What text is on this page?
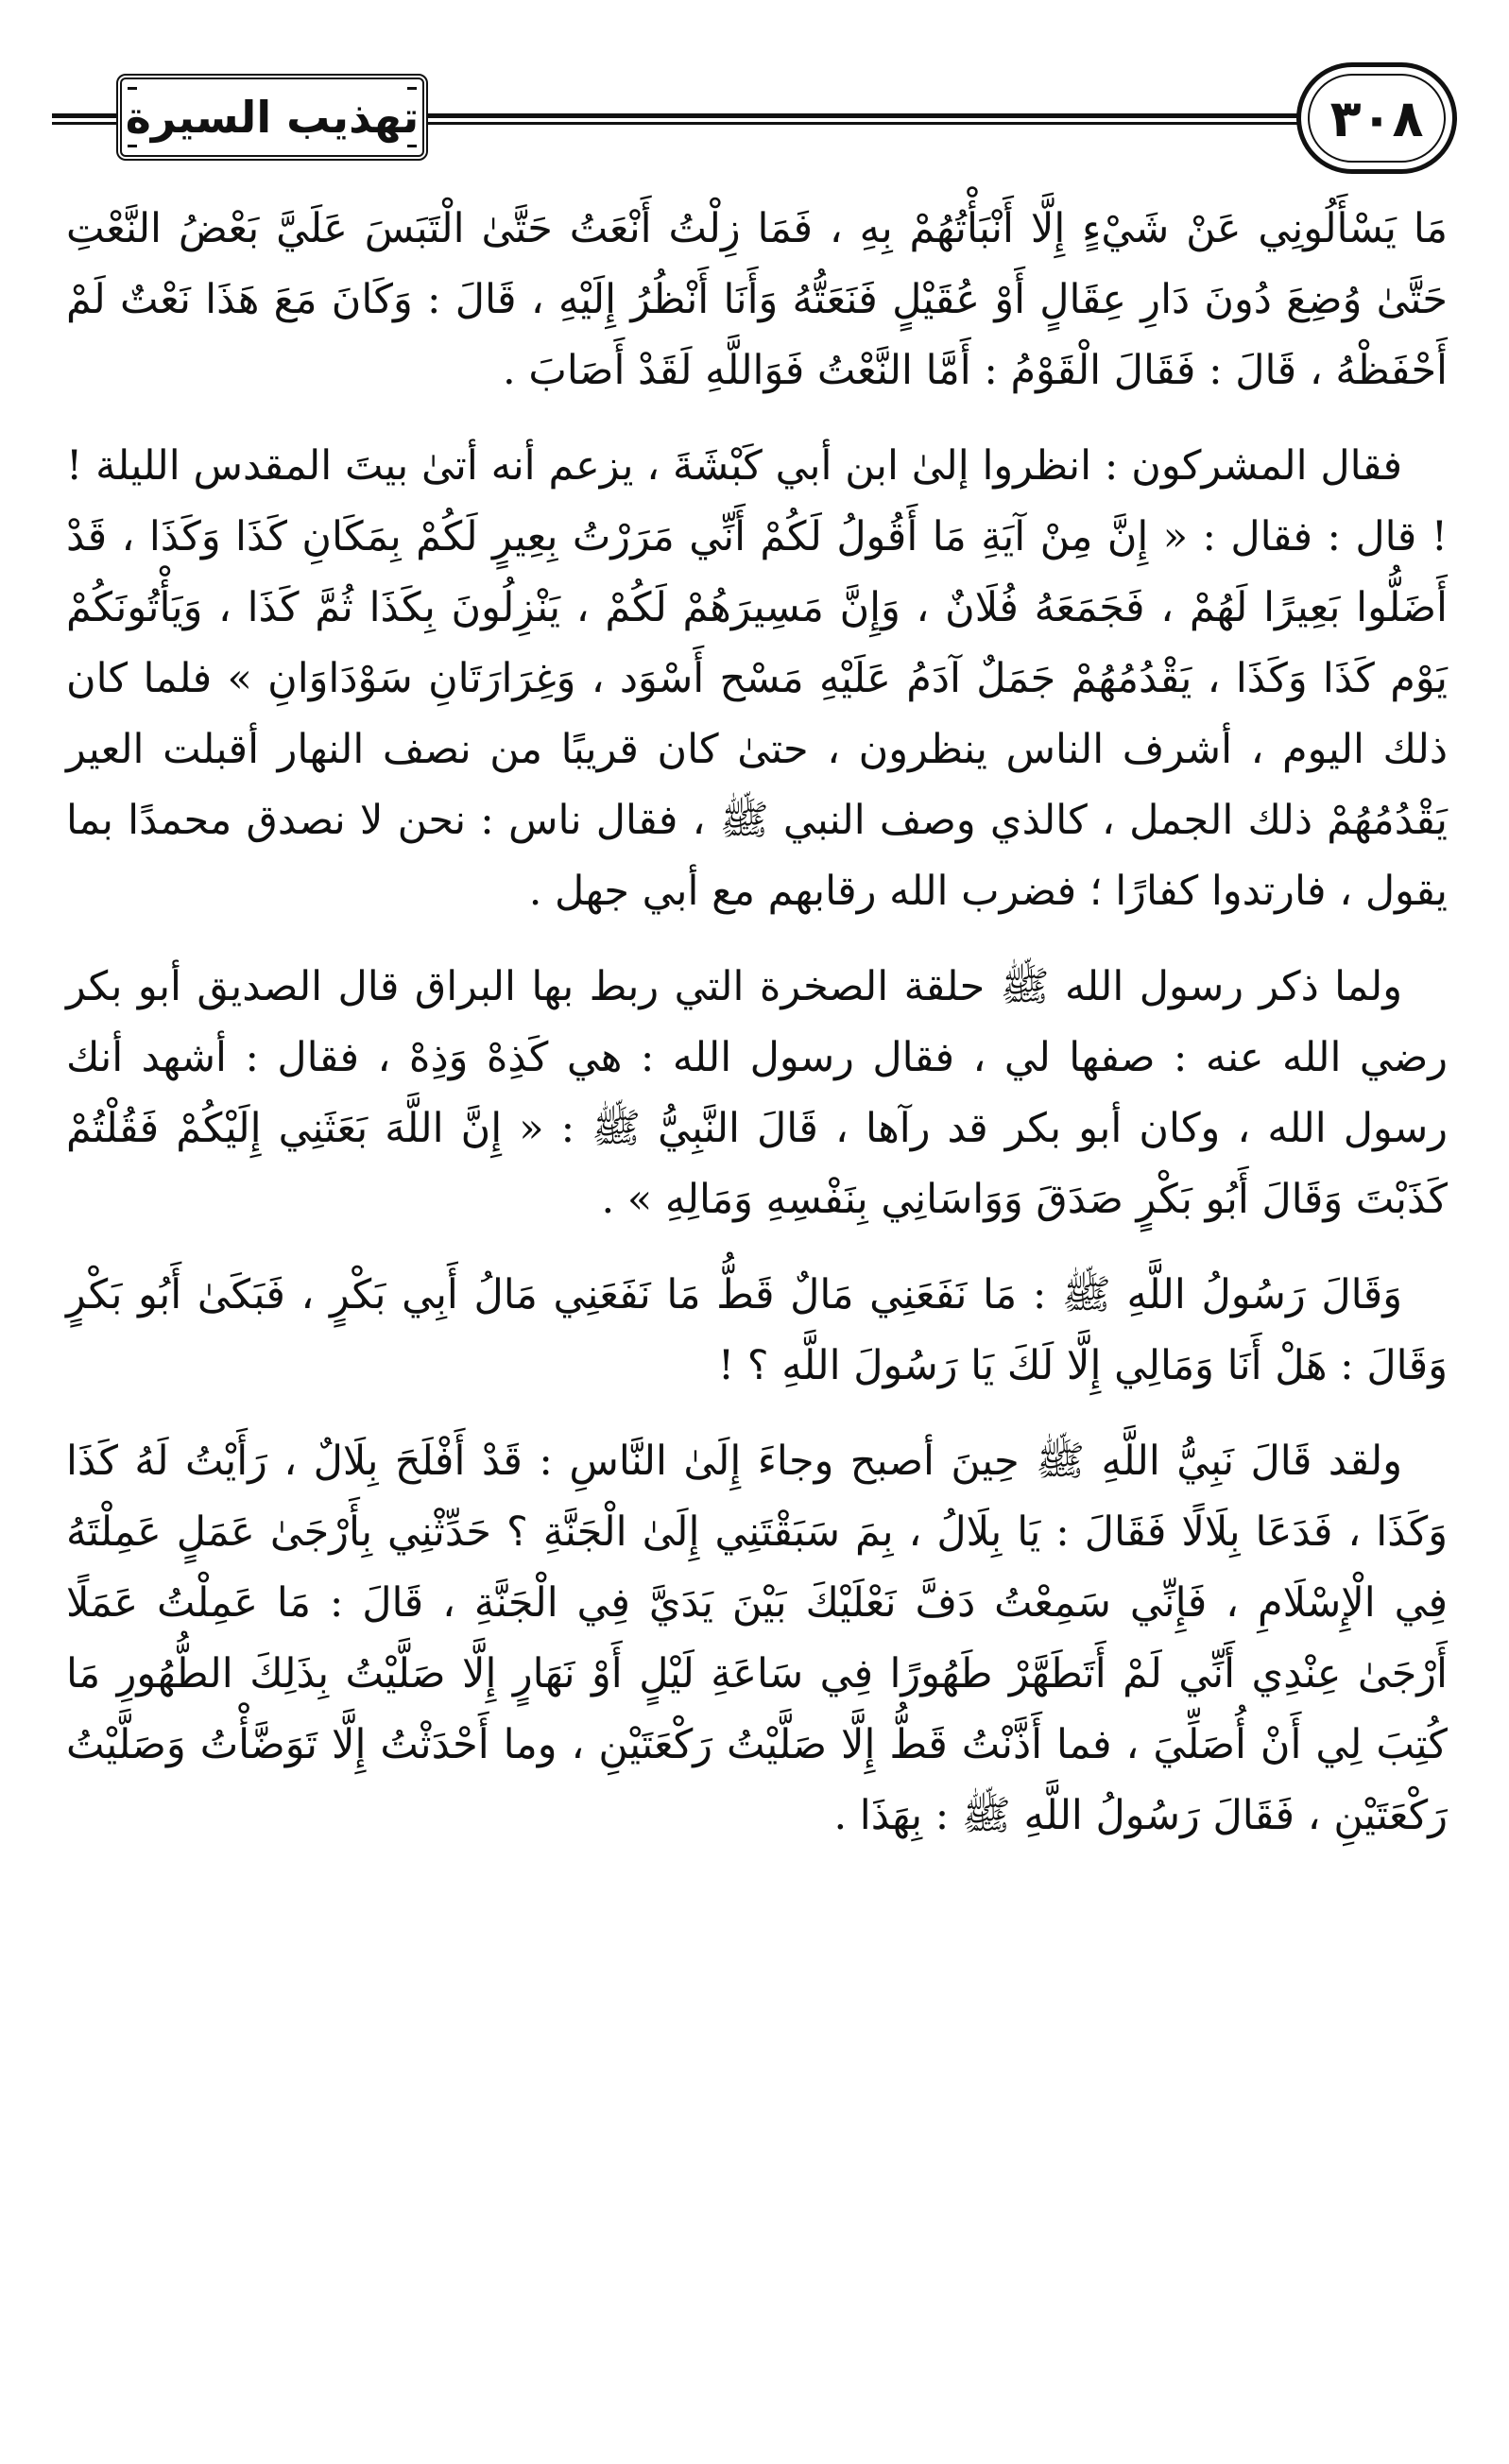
تهذيب السيرة	٣٠٨

مَا يَسْأَلُونِي عَنْ شَيْءٍ إِلَّا أَنْبَأْتُهُمْ بِهِ ، فَمَا زِلْتُ أَنْعَتُ حَتَّىٰ الْتَبَسَ عَلَيَّ بَعْضُ النَّعْتِ حَتَّىٰ وُضِعَ دُونَ دَارِ عِقَالٍ أَوْ عُقَيْلٍ فَنَعَتُّهُ وَأَنَا أَنْظُرُ إِلَيْهِ ، قَالَ : وَكَانَ مَعَ هَذَا نَعْتٌ لَمْ أَحْفَظْهُ ، قَالَ : فَقَالَ الْقَوْمُ : أَمَّا النَّعْتُ فَوَاللَّهِ لَقَدْ أَصَابَ .

فقال المشركون : انظروا إلىٰ ابن أبي كَبْشَةَ ، يزعم أنه أتىٰ بيتَ المقدس الليلة ! ! قال : فقال : « إِنَّ مِنْ آيَةِ مَا أَقُولُ لَكُمْ أَنِّي مَرَرْتُ بِعِيرٍ لَكُمْ بِمَكَانِ كَذَا وَكَذَا ، قَدْ أَضَلُّوا بَعِيرًا لَهُمْ ، فَجَمَعَهُ فُلَانٌ ، وَإِنَّ مَسِيرَهُمْ لَكُمْ ، يَنْزِلُونَ بِكَذَا ثُمَّ كَذَا ، وَيَأْتُونَكُمْ يَوْم كَذَا وَكَذَا ، يَقْدُمُهُمْ جَمَلٌ آدَمُ عَلَيْهِ مَسْح أَسْوَد ، وَغِرَارَتَانِ سَوْدَاوَانِ » فلما كان ذلك اليوم ، أشرف الناس ينظرون ، حتىٰ كان قريبًا من نصف النهار أقبلت العير يَقْدُمُهُمْ ذلك الجمل ، كالذي وصف النبي ﷺ ، فقال ناس : نحن لا نصدق محمدًا بما يقول ، فارتدوا كفارًا ؛ فضرب الله رقابهم مع أبي جهل .

ولما ذكر رسول الله ﷺ حلقة الصخرة التي ربط بها البراق قال الصديق أبو بكر رضي الله عنه : صفها لي ، فقال رسول الله : هي كَذِهْ وَذِهْ ، فقال : أشهد أنك رسول الله ، وكان أبو بكر قد رآها ، قَالَ النَّبِيُّ ﷺ : « إِنَّ اللَّهَ بَعَثَنِي إِلَيْكُمْ فَقُلْتُمْ كَذَبْتَ وَقَالَ أَبُو بَكْرٍ صَدَقَ وَوَاسَانِي بِنَفْسِهِ وَمَالِهِ » .

وَقَالَ رَسُولُ اللَّهِ ﷺ : مَا نَفَعَنِي مَالٌ قَطُّ مَا نَفَعَنِي مَالُ أَبِي بَكْرٍ ، فَبَكَىٰ أَبُو بَكْرٍ وَقَالَ : هَلْ أَنَا وَمَالِي إِلَّا لَكَ يَا رَسُولَ اللَّهِ ؟ !

ولقد قَالَ نَبِيُّ اللَّهِ ﷺ حِينَ أصبح وجاءَ إِلَىٰ النَّاسِ : قَدْ أَفْلَحَ بِلَالٌ ، رَأَيْتُ لَهُ كَذَا وَكَذَا ، فَدَعَا بِلَالًا فَقَالَ : يَا بِلَالُ ، بِمَ سَبَقْتَنِي إِلَىٰ الْجَنَّةِ ؟ حَدِّثْنِي بِأَرْجَىٰ عَمَلٍ عَمِلْتَهُ فِي الْإِسْلَامِ ، فَإِنِّي سَمِعْتُ دَفَّ نَعْلَيْكَ بَيْنَ يَدَيَّ فِي الْجَنَّةِ ، قَالَ : مَا عَمِلْتُ عَمَلًا أَرْجَىٰ عِنْدِي أَنِّي لَمْ أَتَطَهَّرْ طَهُورًا فِي سَاعَةِ لَيْلٍ أَوْ نَهَارٍ إِلَّا صَلَّيْتُ بِذَلِكَ الطُّهُورِ مَا كُتِبَ لِي أَنْ أُصَلِّيَ ، فما أَذَّنْتُ قَطُّ إِلَّا صَلَّيْتُ رَكْعَتَيْنِ ، وما أَحْدَثْتُ إِلَّا تَوَضَّأْتُ وَصَلَّيْتُ رَكْعَتَيْنِ ، فَقَالَ رَسُولُ اللَّهِ ﷺ : بِهَذَا .
